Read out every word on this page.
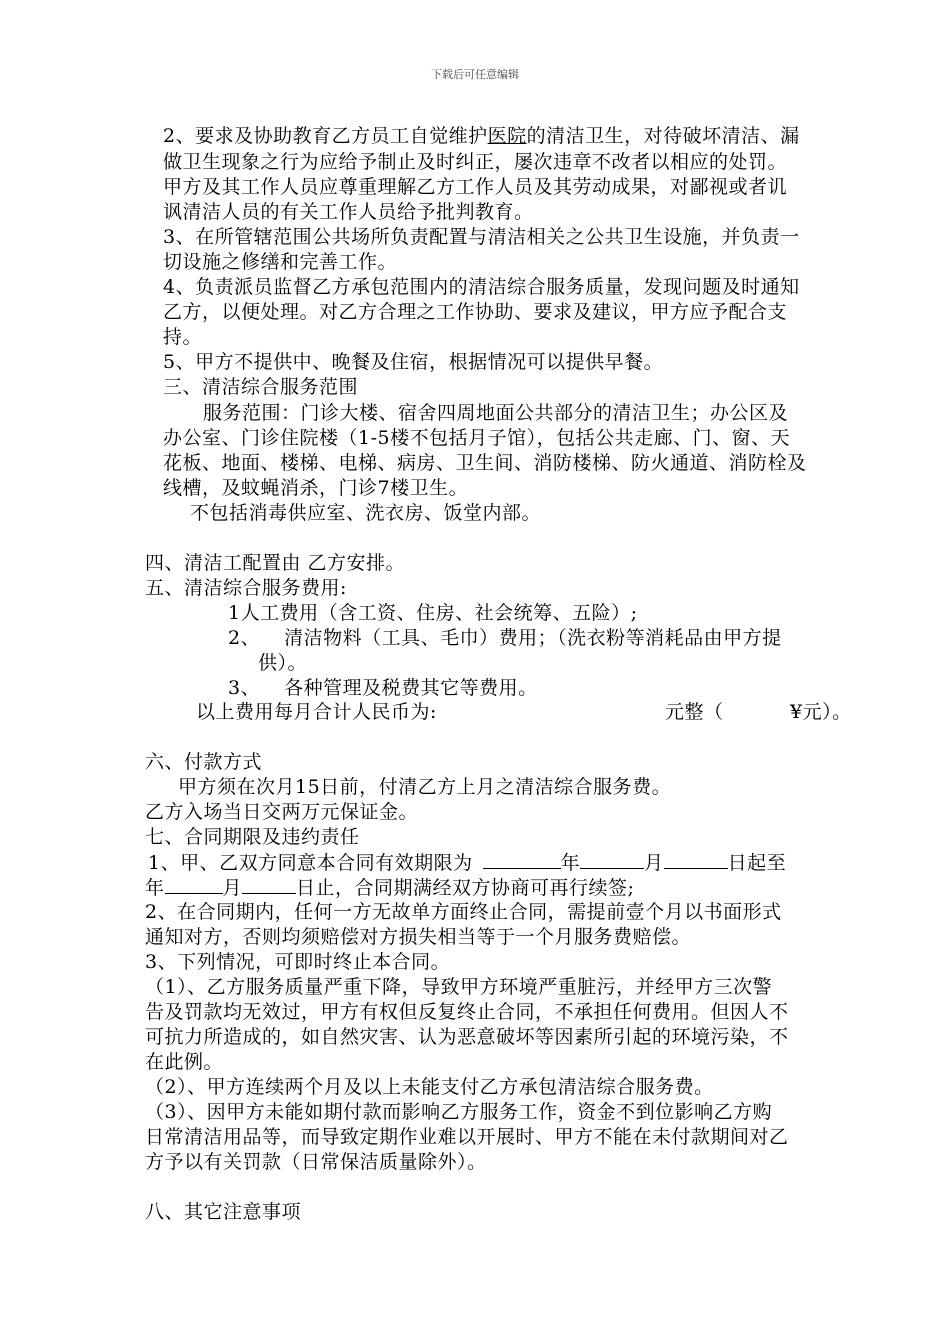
下载后可任意编辑
2、要求及协助教育乙方员工自觉维护医院的清洁卫生，对待破坏清洁、漏
做卫生现象之行为应给予制止及时纠正，屡次违章不改者以相应的处罚。
甲方及其工作人员应尊重理解乙方工作人员及其劳动成果，对鄙视或者讥
讽清洁人员的有关工作人员给予批判教育。
3、在所管辖范围公共场所负责配置与清洁相关之公共卫生设施，并负责一
切设施之修缮和完善工作。
4、负责派员监督乙方承包范围内的清洁综合服务质量，发现问题及时通知
乙方，以便处理。对乙方合理之工作协助、要求及建议，甲方应予配合支
持。
5、甲方不提供中、晚餐及住宿，根据情况可以提供早餐。
三、清洁综合服务范围
服务范围：门诊大楼、宿舍四周地面公共部分的清洁卫生；办公区及
办公室、门诊住院楼（1-5楼不包括月子馆），包括公共走廊、门、窗、天
花板、地面、楼梯、电梯、病房、卫生间、消防楼梯、防火通道、消防栓及
线槽，及蚊蝇消杀，门诊7楼卫生。
不包括消毒供应室、洗衣房、饭堂内部。
四、清洁工配置由 乙方安排。
五、清洁综合服务费用:
1人工费用（含工资、住房、社会统筹、五险）;
2、 清洁物料（工具、毛巾）费用；（洗衣粉等消耗品由甲方提
供）。
3、 各种管理及税费其它等费用。
以上费用每月合计人民币为:	元整（	¥元）。
六、付款方式
甲方须在次月15日前，付清乙方上月之清洁综合服务费。
乙方入场当日交两万元保证金。
七、合同期限及违约责任
1、甲、乙双方同意本合同有效期限为	年	月	日起至
年	月	日止，合同期满经双方协商可再行续签;
2、在合同期内，任何一方无故单方面终止合同，需提前壹个月以书面形式
通知对方，否则均须赔偿对方损失相当等于一个月服务费赔偿。
3、下列情况，可即时终止本合同。
（1）、乙方服务质量严重下降，导致甲方环境严重脏污，并经甲方三次警
告及罚款均无效过，甲方有权但反复终止合同，不承担任何费用。但因人不
可抗力所造成的，如自然灾害、认为恶意破坏等因素所引起的环境污染，不
在此例。
（2）、甲方连续两个月及以上未能支付乙方承包清洁综合服务费。
（3）、因甲方未能如期付款而影响乙方服务工作，资金不到位影响乙方购
日常清洁用品等，而导致定期作业难以开展时、甲方不能在未付款期间对乙
方予以有关罚款（日常保洁质量除外）。
八、其它注意事项
